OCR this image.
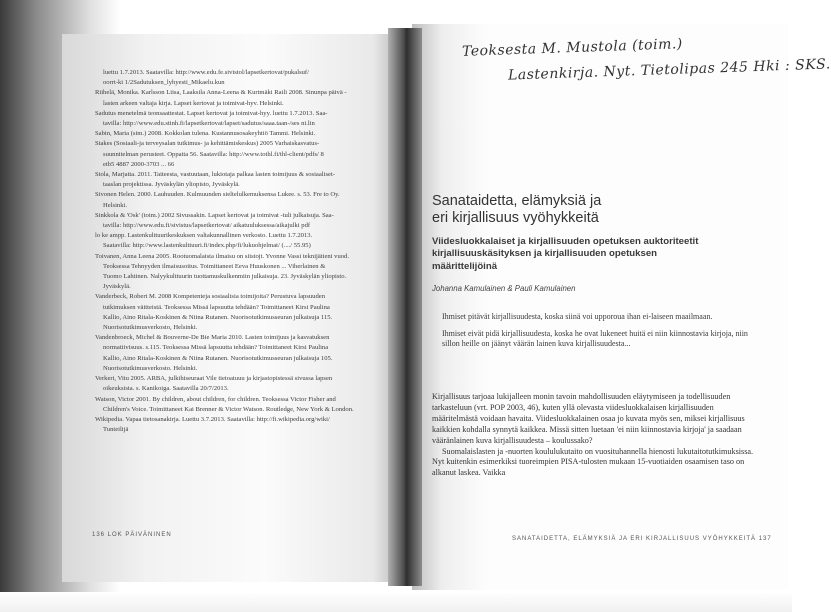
luettu 1.7.2013. Saatavilla: http://www.edu.fe.sivistol/lapsetkertovat/pukalsuf/

oorrt-ki 1/2Sadutuksen_lyhyesti_Mikaelu.kun

Riihelä, Monika. Karlsson Liisa, Laaksila Anna-Leena & Kurtmäki Raili 2008. Sinunpa päivä -

lasten arkeen valtaja kirja. Lapset kertovat ja toimivat-hyv. Helsinki.

Sadutus menetelmä teonsaattestat. Lapset kertovat ja toimivat-hyy. luettu 1.7.2013. Saa-

tavilla: http://www.edu.stinh.fi/lapsetkertovat/lapset/sadutus/saaa.taan-/ses ni.lin

Sabin, Maria (sim.) 2008. Kokkolan tulena. Kustannusosakeyhtiö Tammi. Helsinki.

Stakes (Sosiaali-ja terveysalan tutkimus- ja kehittämiskeskus) 2005 Varhaiskasvatus-

suunnitelman perusteet. Oppaita 56. Saatavilla: http://www.tothl.fi/thl-client/pdfs/ 8

etb5 4887 2000-3703 ... 66

Stola, Marjatta. 2011. Taiteesta, vastuutaan, lukiotaja palkaa lasten toimijuus & sosiaaliset-

taaslan projektissa. Jyväskylän yliopisto, Jyväskylä.

Sivonen Helen. 2000. Lauhuuden. Kulmuunden sieltelulkemuksensa Lukee. s. 53. Fre to Oy.

Helsinki.

Sinkkola & 'Osk' (toim.) 2002 Sivussakin. Lapset kertovat ja toimivat -tuli julkaisuja. Saa-

tavilla: http://www.edu.fi/sivistus/lapsetkertovat/ aikatuuluksessa/aikajulki pdf

lo ke ampp. Lastenkulttuurikeskuksen valtakunnallinen verkosto. Luettu 1.7.2013.

Saatavilla: http://www.lastenkulttuuri.fi/index.php/fi/lukuohjelmat/ (..../ 55.95)

Toivanen, Anna Leena 2005. Rootuomalaista ilmaisu on siistojt. Yvonne Vassi teknijätieni vuod.

Teoksessa Tehnyyden ilmaisusoitus. Toimittaneet Eeva Huuskonen ... Viherlainen &

Tuomo Lahtinen. Nalyykulttuurin tuottamuskulkenmiin julkaisuja. 23. Jyväskylän yliopisto.

Jyväskylä.

Vanderbeck, Robert M. 2008 Kompetenteja sosiaalisia toimijoita? Perustuva lapsuuden

tutkimuksen väitteistä. Teoksessa Missä lapsuutta tehdään? Toimittaneet Kirsi Paulina

Kallio, Aino Ritala-Koskinen & Niina Rutanen. Nuorisotutkimusseuran julkaisuja 115.

Nuorisotutkimusverkosto, Helsinki.

Vandenbroeck, Michel & Bouverne-De Bie Maria 2010. Lasten toimijuus ja kasvatuksen

normatiivisuus. s.115. Teoksessa Missä lapsuutta tehdään? Toimittaneet Kirsi Paulina

Kallio, Aino Ritala-Koskinen & Niina Rutanen. Nuorisotutkimusseuran julkaisuja 105.

Nuorisotutkimusverkosto. Helsinki.

Verkeri, Vitu 2005. ARBA, julkihiseuraat Vile tietoatuuu ja kirjastopistessä sivussa lapsen

oikeuksista. s. Kanikoiga. Saatavilla 20/7/2013.

Watson, Victor 2001. By children, about children, for children. Teoksessa Victor Fisher and

Children's Voice. Toimittaneet Kai Brenner & Victor Watson. Routledge, New York & London.

Wikipedia. Vapaa tietosanakirja. Luettu 3.7.2013. Saatavilla: http://fi.wikipedia.org/wiki/

Tunteilijä

136 LOK PÄIVÄNINEN
Teoksesta M. Mustola (toim.)
Lastenkirja. Nyt. Tietolipas 245 Hki : SKS.
Sanataidetta, elämyksiä ja
eri kirjallisuus vyöhykkeitä
Viidesluokkalaiset ja kirjallisuuden opetuksen auktoriteetit
kirjallisuuskäsityksen ja kirjallisuuden opetuksen
määrittelijöinä
Johanna Kamulainen & Pauli Kamulainen

Ihmiset pitävät kirjallisuudesta, koska siinä voi upporoua ihan ei-laiseen maailmaan.

Ihmiset eivät pidä kirjallisuudesta, koska he ovat lukeneet huitä ei niin kiinnostavia kirjoja, niin sillon heille on jäänyt väärän lainen kuva kirjallisuudesta...

Kirjallisuus tarjoaa lukijalleen monin tavoin mahdollisuuden eläytymiseen ja todellisuuden tarkasteluun (vrt. POP 2003, 46), kuten yllä olevasta viidesluokkalaisen kirjallisuuden määritelmästä voidaan havaita. Viidesluokkalainen osaa jo kuvata myös sen, miksei kirjallisuus kaikkien kohdalla synnytä kaikkea. Missä sitten luetaan 'ei niin kiinnostavia kirjoja' ja saadaan vääränlainen kuva kirjallisuudesta – koulussako?

Suomalaislasten ja -nuorten koululukutaito on vuosituhannella hienosti lukutaitotutkimuksissa. Nyt kuitenkin esimerkiksi tuoreimpien PISA-tulosten mukaan 15-vuotiaiden osaamisen taso on alkanut laskea. Vaikka

SANATAIDETTA, ELÄMYKSIÄ JA ERI KIRJALLISUUS VYÖHYKKEITÄ 137
